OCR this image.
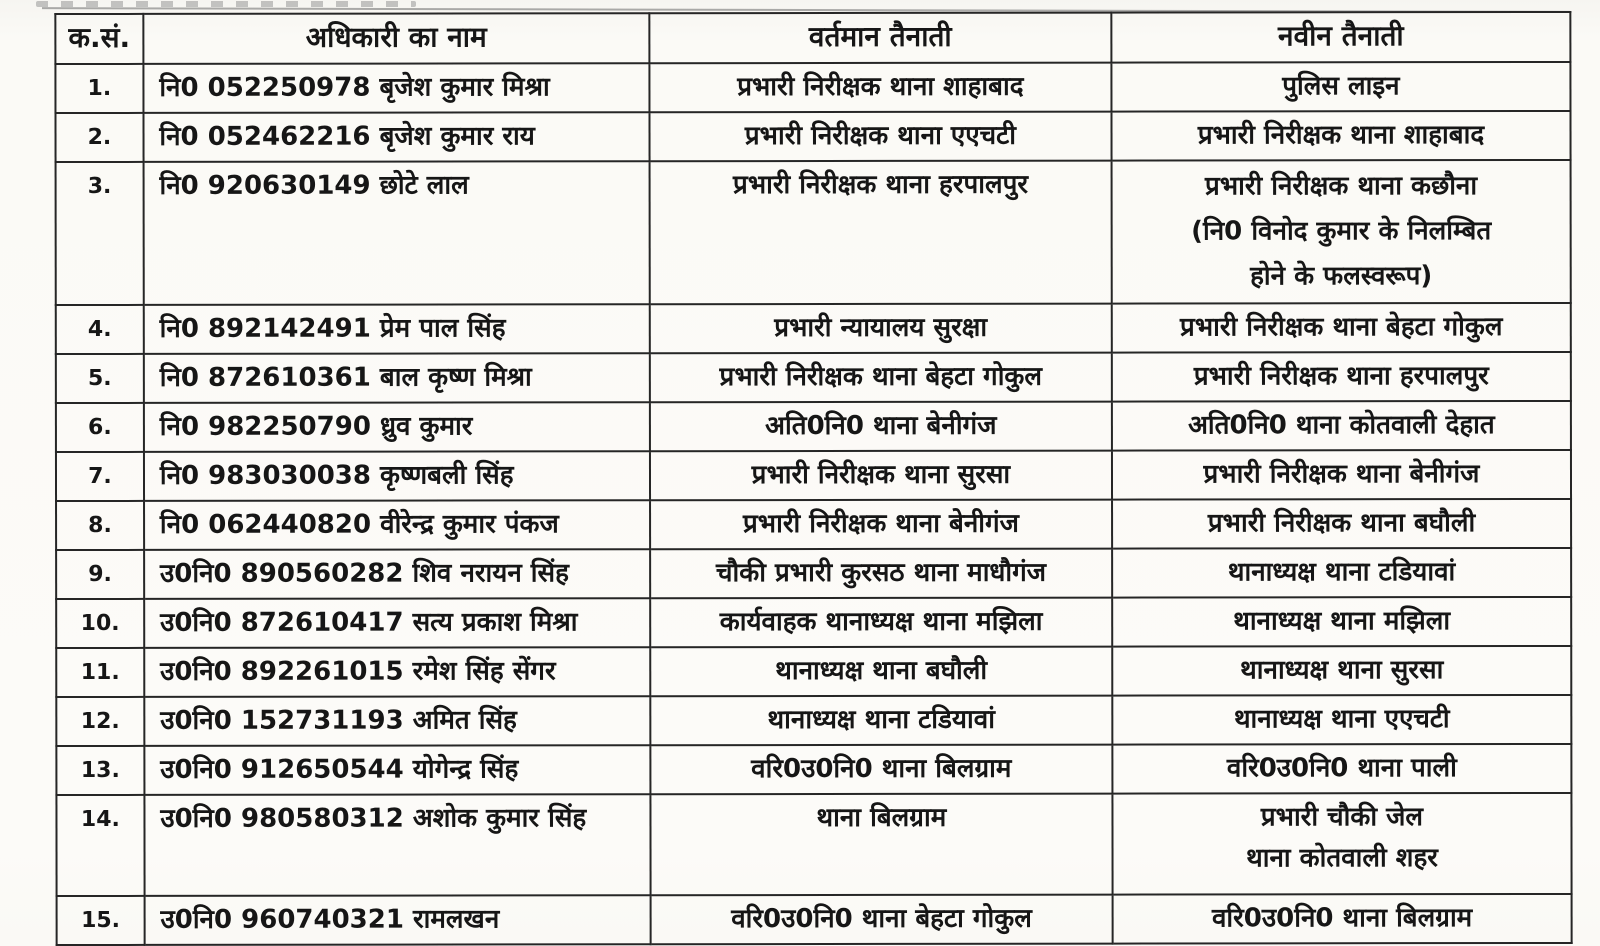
क.सं.	अधिकारी का नाम	वर्तमान तैनाती	नवीन तैनाती

1.	नि0 052250978 बृजेश कुमार मिश्रा	प्रभारी निरीक्षक थाना शाहाबाद	पुलिस लाइन

2.	नि0 052462216 बृजेश कुमार राय	प्रभारी निरीक्षक थाना एएचटी	प्रभारी निरीक्षक थाना शाहाबाद

3.	नि0 920630149 छोटे लाल	प्रभारी निरीक्षक थाना हरपालपुर	प्रभारी निरीक्षक थाना कछौना
(नि0 विनोद कुमार के निलम्बित
होने के फलस्वरूप)

4.	नि0 892142491 प्रेम पाल सिंह	प्रभारी न्यायालय सुरक्षा	प्रभारी निरीक्षक थाना बेहटा गोकुल

5.	नि0 872610361 बाल कृष्ण मिश्रा	प्रभारी निरीक्षक थाना बेहटा गोकुल	प्रभारी निरीक्षक थाना हरपालपुर

6.	नि0 982250790 ध्रुव कुमार	अति0नि0 थाना बेनीगंज	अति0नि0 थाना कोतवाली देहात

7.	नि0 983030038 कृष्णबली सिंह	प्रभारी निरीक्षक थाना सुरसा	प्रभारी निरीक्षक थाना बेनीगंज

8.	नि0 062440820 वीरेन्द्र कुमार पंकज	प्रभारी निरीक्षक थाना बेनीगंज	प्रभारी निरीक्षक थाना बघौली

9.	उ0नि0 890560282 शिव नरायन सिंह	चौकी प्रभारी कुरसठ थाना माधौगंज	थानाध्यक्ष थाना टडियावां

10.	उ0नि0 872610417 सत्य प्रकाश मिश्रा	कार्यवाहक थानाध्यक्ष थाना मझिला	थानाध्यक्ष थाना मझिला

11.	उ0नि0 892261015 रमेश सिंह सेंगर	थानाध्यक्ष थाना बघौली	थानाध्यक्ष थाना सुरसा

12.	उ0नि0 152731193 अमित सिंह	थानाध्यक्ष थाना टडियावां	थानाध्यक्ष थाना एएचटी

13.	उ0नि0 912650544 योगेन्द्र सिंह	वरि0उ0नि0 थाना बिलग्राम	वरि0उ0नि0 थाना पाली

14.	उ0नि0 980580312 अशोक कुमार सिंह	थाना बिलग्राम	प्रभारी चौकी जेल
थाना कोतवाली शहर

15.	उ0नि0 960740321 रामलखन	वरि0उ0नि0 थाना बेहटा गोकुल	वरि0उ0नि0 थाना बिलग्राम
